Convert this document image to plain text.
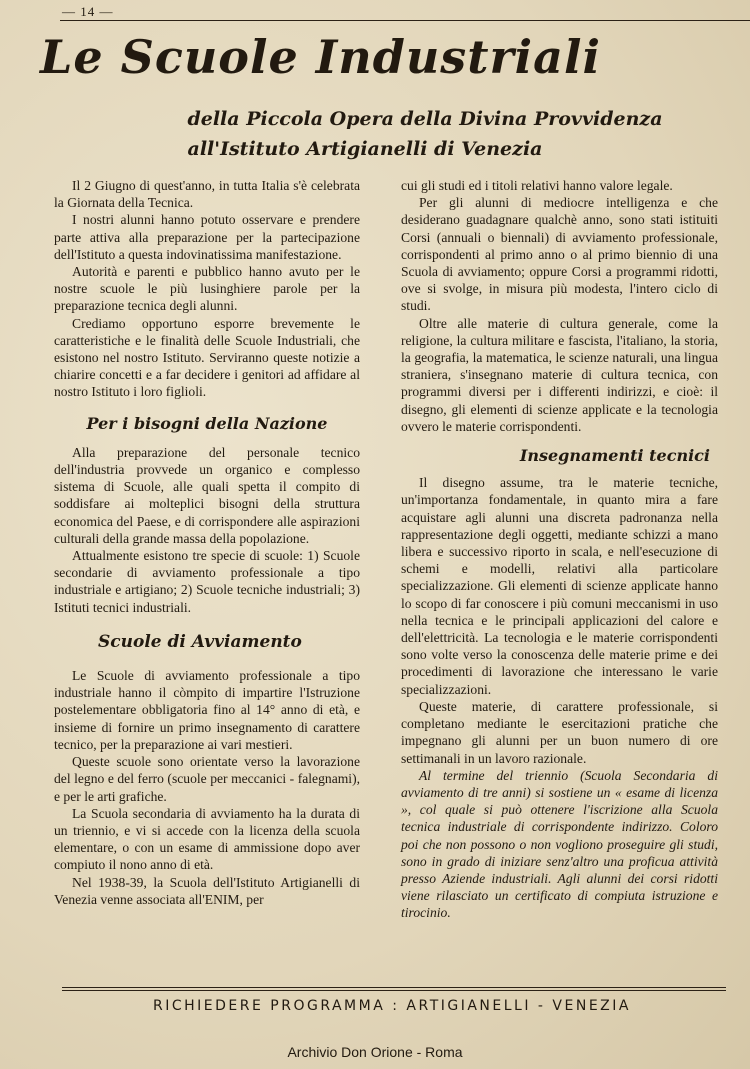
— 14 —
Le Scuole Industriali
della Piccola Opera della Divina Provvidenza
all'Istituto Artigianelli di Venezia

Il 2 Giugno di quest'anno, in tutta Italia s'è celebrata la Giornata della Tecnica.

I nostri alunni hanno potuto osservare e prendere parte attiva alla preparazione per la partecipazione dell'Istituto a questa indovinatissima manifestazione.

Autorità e parenti e pubblico hanno avuto per le nostre scuole le più lusinghiere parole per la preparazione tecnica degli alunni.

Crediamo opportuno esporre brevemente le caratteristiche e le finalità delle Scuole Industriali, che esistono nel nostro Istituto. Serviranno queste notizie a chiarire concetti e a far decidere i genitori ad affidare al nostro Istituto i loro figlioli.

Per i bisogni della Nazione

Alla preparazione del personale tecnico dell'industria provvede un organico e complesso sistema di Scuole, alle quali spetta il compito di soddisfare ai molteplici bisogni della struttura economica del Paese, e di corrispondere alle aspirazioni culturali della grande massa della popolazione.

Attualmente esistono tre specie di scuole: 1) Scuole secondarie di avviamento professionale a tipo industriale e artigiano; 2) Scuole tecniche industriali; 3) Istituti tecnici industriali.

Scuole di Avviamento

Le Scuole di avviamento professionale a tipo industriale hanno il còmpito di impartire l'Istruzione postelementare obbligatoria fino al 14° anno di età, e insieme di fornire un primo insegnamento di carattere tecnico, per la preparazione ai vari mestieri.

Queste scuole sono orientate verso la lavorazione del legno e del ferro (scuole per meccanici - falegnami), e per le arti grafiche.

La Scuola secondaria di avviamento ha la durata di un triennio, e vi si accede con la licenza della scuola elementare, o con un esame di ammissione dopo aver compiuto il nono anno di età.

Nel 1938-39, la Scuola dell'Istituto Artigianelli di Venezia venne associata all'ENIM, per

cui gli studi ed i titoli relativi hanno valore legale.

Per gli alunni di mediocre intelligenza e che desiderano guadagnare qualchè anno, sono stati istituiti Corsi (annuali o biennali) di avviamento professionale, corrispondenti al primo anno o al primo biennio di una Scuola di avviamento; oppure Corsi a programmi ridotti, ove si svolge, in misura più modesta, l'intero ciclo di studi.

Oltre alle materie di cultura generale, come la religione, la cultura militare e fascista, l'italiano, la storia, la geografia, la matematica, le scienze naturali, una lingua straniera, s'insegnano materie di cultura tecnica, con programmi diversi per i differenti indirizzi, e cioè: il disegno, gli elementi di scienze applicate e la tecnologia ovvero le materie corrispondenti.

Insegnamenti tecnici

Il disegno assume, tra le materie tecniche, un'importanza fondamentale, in quanto mira a fare acquistare agli alunni una discreta padronanza nella rappresentazione degli oggetti, mediante schizzi a mano libera e successivo riporto in scala, e nell'esecuzione di schemi e modelli, relativi alla particolare specializzazione. Gli elementi di scienze applicate hanno lo scopo di far conoscere i più comuni meccanismi in uso nella tecnica e le principali applicazioni del calore e dell'elettricità. La tecnologia e le materie corrispondenti sono volte verso la conoscenza delle materie prime e dei procedimenti di lavorazione che interessano le varie specializzazioni.

Queste materie, di carattere professionale, si completano mediante le esercitazioni pratiche che impegnano gli alunni per un buon numero di ore settimanali in un lavoro razionale.

Al termine del triennio (Scuola Secondaria di avviamento di tre anni) si sostiene un « esame di licenza », col quale si può ottenere l'iscrizione alla Scuola tecnica industriale di corrispondente indirizzo. Coloro poi che non possono o non vogliono proseguire gli studi, sono in grado di iniziare senz'altro una proficua attività presso Aziende industriali. Agli alunni dei corsi ridotti viene rilasciato un certificato di compiuta istruzione e tirocinio.

RICHIEDERE PROGRAMMA : ARTIGIANELLI - VENEZIA
Archivio Don Orione - Roma
